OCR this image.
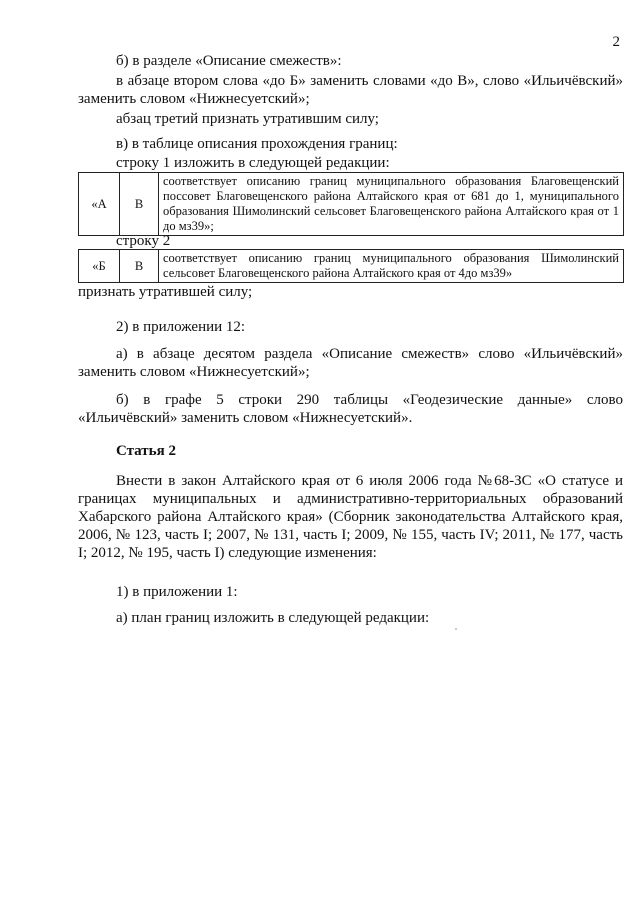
2

б) в разделе «Описание смежеств»:

в абзаце втором слова «до Б» заменить словами «до В», слово «Ильичёвский» заменить словом «Нижнесуетский»;

абзац третий признать утратившим силу;

в) в таблице описания прохождения границ:

строку 1 изложить в следующей редакции:
«А	В	соответствует описанию границ муниципального образования Благовещенский поссовет Благовещенского района Алтайского края от 681 до 1, муниципального образования Шимолинский сельсовет Благовещенского района Алтайского края от 1 до мз39»;
строку 2
«Б	В	соответствует описанию границ муниципального образования Шимолинский сельсовет Благовещенского района Алтайского края от 4до мз39»
признать утратившей силу;

2) в приложении 12:

а) в абзаце десятом раздела «Описание смежеств» слово «Ильичёвский» заменить словом «Нижнесуетский»;

б) в графе 5 строки 290 таблицы «Геодезические данные» слово «Ильичёвский» заменить словом «Нижнесуетский».

Статья 2

Внести в закон Алтайского края от 6 июля 2006 года №68-ЗС «О статусе и границах муниципальных и административно-территориальных образований Хабарского района Алтайского края» (Сборник законодательства Алтайского края, 2006, № 123, часть I; 2007, № 131, часть I; 2009, № 155, часть IV; 2011, № 177, часть I; 2012, № 195, часть I) следующие изменения:

1) в приложении 1:

а) план границ изложить в следующей редакции:
